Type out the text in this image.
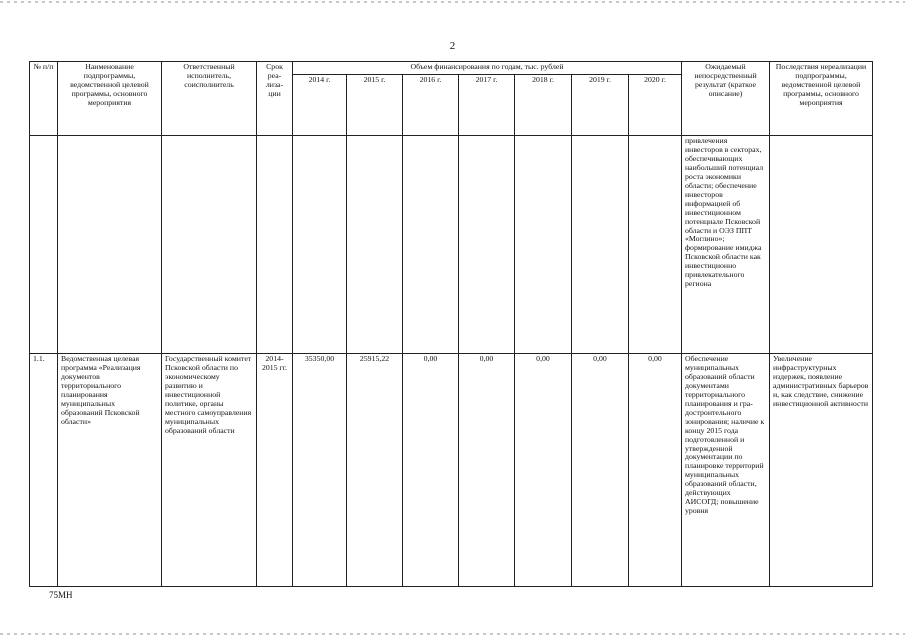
2
№ п/п	Наименование подпрограммы, ведомственной целевой программы, основного мероприятия	Ответственный исполнитель, соисполнитель	Срок реа-лиза-ции	Объем финансирования по годам, тыс. рублей							Ожидаемый непосредственный результат (краткое описание)	Последствия нереализации подпрограммы, ведомственной целевой программы, основного мероприятия
				2014 г.	2015 г.	2016 г.	2017 г.	2018 г.	2019 г.	2020 г.		
											привлечения инвесторов в секторах, обеспечивающих наибольший потенциал роста экономики области; обеспечение инвесторов информацией об инвестиционном потенциале Псковской области и ОЭЗ ППТ «Моглино»; формирование имиджа Псковской области как инвестиционно привлекательного региона	
1.1.	Ведомственная целевая программа «Реализация документов территориального планирования муниципальных образований Псковской области»	Государственный комитет Псковской области по экономическому развитию и инвестиционной политике, органы местного самоуправления муниципальных образований области	2014-2015 гг.	35350,00	25915,22	0,00	0,00	0,00	0,00	0,00	Обеспечение муниципальных образований области документами территориального планирования и гра-достроительного зонирования; наличие к концу 2015 года подготовленной и утвержденной документации по планировке территорий муниципальных образований области, действующих АИСОГД; повышение уровня	Увеличение инфраструктурных издержек, появление административных барьеров и, как следствие, снижение инвестиционной активности
75МН
